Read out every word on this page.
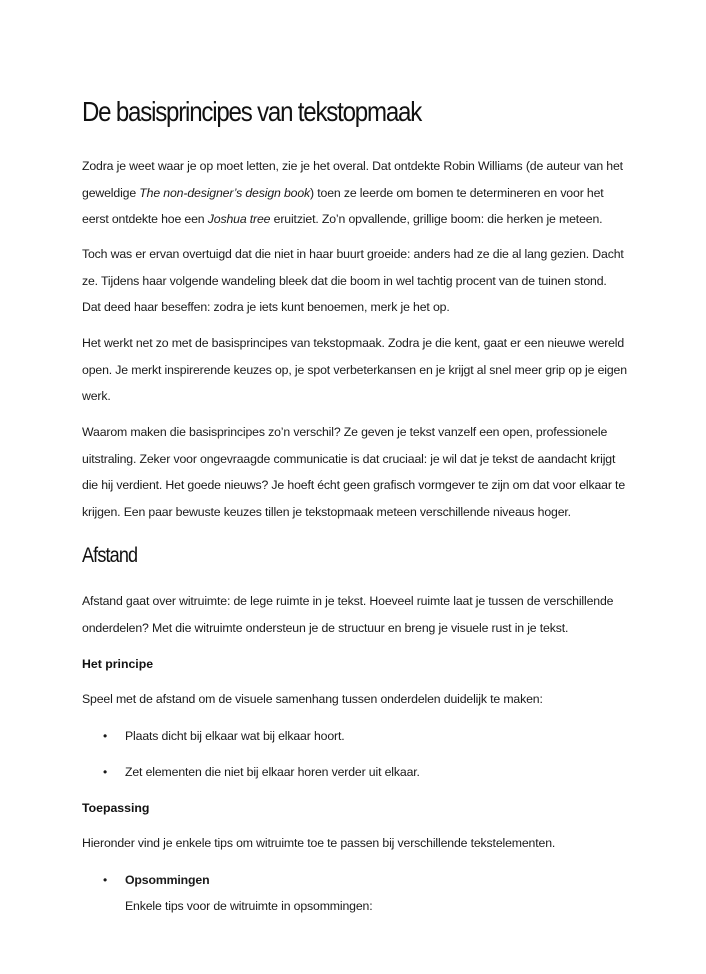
De basisprincipes van tekstopmaak

Zodra je weet waar je op moet letten, zie je het overal. Dat ontdekte Robin Williams (de auteur van het geweldige The non-designer’s design book) toen ze leerde om bomen te determineren en voor het eerst ontdekte hoe een Joshua tree eruitziet. Zo’n opvallende, grillige boom: die herken je meteen.

Toch was er ervan overtuigd dat die niet in haar buurt groeide: anders had ze die al lang gezien. Dacht ze. Tijdens haar volgende wandeling bleek dat die boom in wel tachtig procent van de tuinen stond. Dat deed haar beseffen: zodra je iets kunt benoemen, merk je het op.

Het werkt net zo met de basisprincipes van tekstopmaak. Zodra je die kent, gaat er een nieuwe wereld open. Je merkt inspirerende keuzes op, je spot verbeterkansen en je krijgt al snel meer grip op je eigen werk.

Waarom maken die basisprincipes zo’n verschil? Ze geven je tekst vanzelf een open, professionele uitstraling. Zeker voor ongevraagde communicatie is dat cruciaal: je wil dat je tekst de aandacht krijgt die hij verdient. Het goede nieuws? Je hoeft écht geen grafisch vormgever te zijn om dat voor elkaar te krijgen. Een paar bewuste keuzes tillen je tekstopmaak meteen verschillende niveaus hoger.

Afstand

Afstand gaat over witruimte: de lege ruimte in je tekst. Hoeveel ruimte laat je tussen de verschillende onderdelen? Met die witruimte ondersteun je de structuur en breng je visuele rust in je tekst.

Het principe

Speel met de afstand om de visuele samenhang tussen onderdelen duidelijk te maken:

• Plaats dicht bij elkaar wat bij elkaar hoort.
• Zet elementen die niet bij elkaar horen verder uit elkaar.

Toepassing

Hieronder vind je enkele tips om witruimte toe te passen bij verschillende tekstelementen.

• Opsommingen
Enkele tips voor de witruimte in opsommingen:
